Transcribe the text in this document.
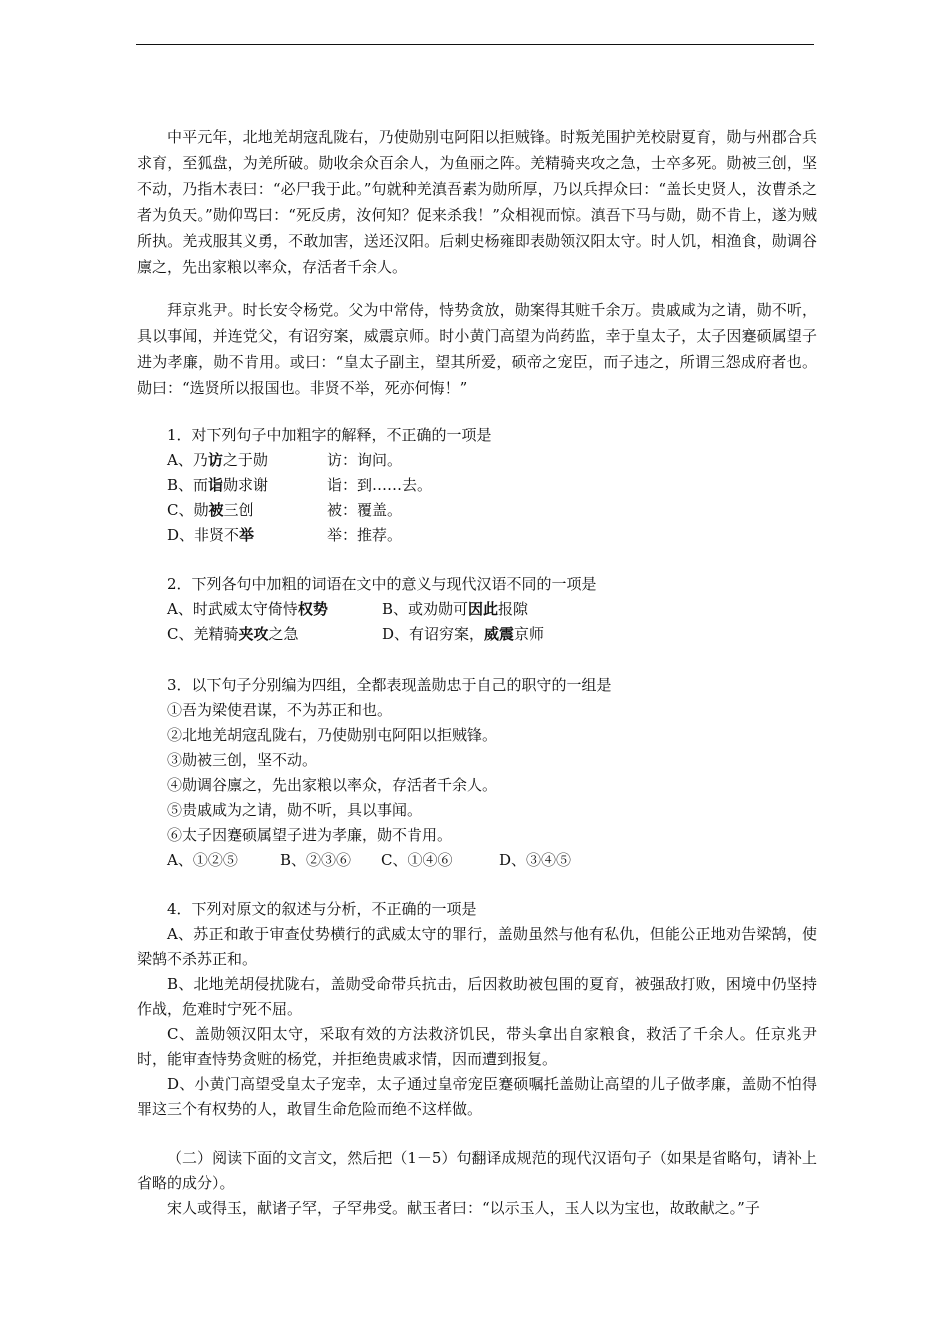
中平元年，北地羌胡寇乱陇右，乃使勋别屯阿阳以拒贼锋。时叛羌围护羌校尉夏育，勋与州郡合兵求育，至狐盘，为羌所破。勋收余众百余人，为鱼丽之阵。羌精骑夹攻之急，士卒多死。勋被三创，坚不动，乃指木表曰：“必尸我于此。”句就种羌滇吾素为勋所厚，乃以兵捍众曰：“盖长史贤人，汝曹杀之者为负天。”勋仰骂曰：“死反虏，汝何知？促来杀我！”众相视而惊。滇吾下马与勋，勋不肯上，遂为贼所执。羌戎服其义勇，不敢加害，送还汉阳。后刺史杨雍即表勋领汉阳太守。时人饥，相渔食，勋调谷廪之，先出家粮以率众，存活者千余人。

拜京兆尹。时长安令杨党。父为中常侍，恃势贪放，勋案得其赃千余万。贵戚咸为之请，勋不听，具以事闻，并连党父，有诏穷案，威震京师。时小黄门高望为尚药监，幸于皇太子，太子因蹇硕属望子进为孝廉，勋不肯用。或曰：“皇太子副主，望其所爱，硕帝之宠臣，而子违之，所谓三怨成府者也。勋曰：“选贤所以报国也。非贤不举，死亦何悔！”

1．对下列句子中加粗字的解释，不正确的一项是
A、乃访之于勋	访：询问。
B、而诣勋求谢	诣：到……去。
C、勋被三创	被：覆盖。
D、非贤不举	举：推荐。
2．下列各句中加粗的词语在文中的意义与现代汉语不同的一项是
A、时武威太守倚恃权势	B、或劝勋可因此报隙
C、羌精骑夹攻之急	D、有诏穷案，威震京师
3．以下句子分别编为四组，全都表现盖勋忠于自己的职守的一组是
①吾为梁使君谋，不为苏正和也。
②北地羌胡寇乱陇右，乃使勋别屯阿阳以拒贼锋。
③勋被三创，坚不动。
④勋调谷廪之，先出家粮以率众，存活者千余人。
⑤贵戚咸为之请，勋不听，具以事闻。
⑥太子因蹇硕属望子进为孝廉，勋不肯用。
A、①②⑤	B、②③⑥ C、①④⑥	D、③④⑤
4．下列对原文的叙述与分析，不正确的一项是

A、苏正和敢于审查仗势横行的武威太守的罪行，盖勋虽然与他有私仇，但能公正地劝告梁鹄，使梁鹄不杀苏正和。

B、北地羌胡侵扰陇右，盖勋受命带兵抗击，后因救助被包围的夏育，被强敌打败，困境中仍坚持作战，危难时宁死不屈。

C、盖勋领汉阳太守，采取有效的方法救济饥民，带头拿出自家粮食，救活了千余人。任京兆尹时，能审查恃势贪赃的杨党，并拒绝贵戚求情，因而遭到报复。

D、小黄门高望受皇太子宠幸，太子通过皇帝宠臣蹇硕嘱托盖勋让高望的儿子做孝廉，盖勋不怕得罪这三个有权势的人，敢冒生命危险而绝不这样做。

（二）阅读下面的文言文，然后把（1－5）句翻译成规范的现代汉语句子（如果是省略句，请补上省略的成分）。

宋人或得玉，献诸子罕，子罕弗受。献玉者曰：“以示玉人，玉人以为宝也，故敢献之。”子
